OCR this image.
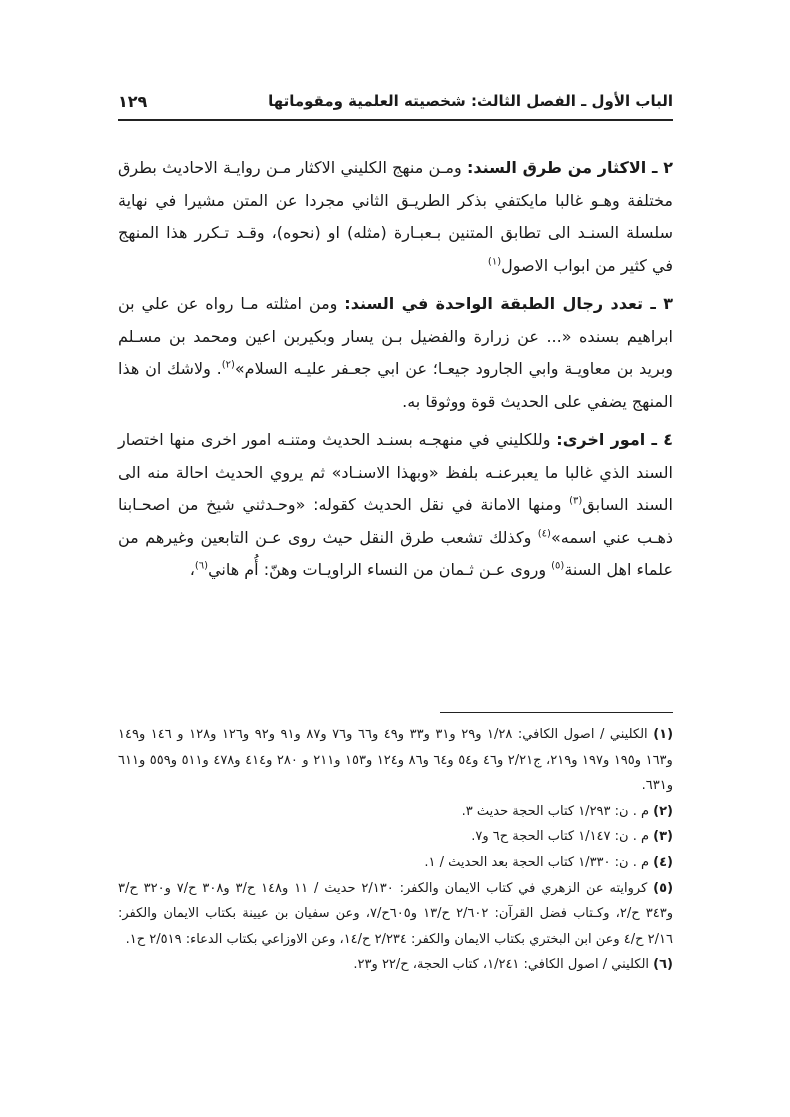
الباب الأول ـ الفصل الثالث: شخصيته العلمية ومقوماتها
١٢٩

٢ ـ الاكثار من طرق السند: ومـن منهج الكليني الاكثار مـن روايـة الاحاديث بطرق مختلفة وهـو غالبا مايكتفي بذكر الطريـق الثاني مجردا عن المتن مشيرا في نهاية سلسلة السنـد الى تطابق المتنين بـعبـارة (مثله) او (نحوه)، وقـد تـكرر هذا المنهج في كثير من ابواب الاصول$^{(١)}$

٣ ـ تعدد رجال الطبقة الواحدة في السند: ومن امثلته مـا رواه عن علي بن ابراهيم بسنده «... عن زرارة والفضيل بـن يسار وبكيربن اعين ومحمد بن مسـلم وبريد بن معاويـة وابي الجارود جيعـا؛ عن ابي جعـفر عليـه السلام»$^{(٢)}$. ولاشك ان هذا المنهج يضفي على الحديث قوة ووثوقا به.

٤ ـ امور اخرى: وللكليني في منهجـه بسنـد الحديث ومتنـه امور اخرى منها اختصار السند الذي غالبا ما يعبرعنـه بلفظ «وبهذا الاسنـاد» ثم يروي الحديث احالة منه الى السند السابق$^{(٣)}$ ومنها الامانة في نقل الحديث كقوله: «وحـدثني شيخ من اصحـابنا ذهـب عني اسمه»$^{(٤)}$ وكذلك تشعب طرق النقل حيث روى عـن التابعين وغيرهم من علماء اهل السنة$^{(٥)}$ وروى عـن ثـمان من النساء الراويـات وهنّ: أُم هاني$^{(٦)}$،

(١) الكليني / اصول الكافي: ١/٢٨ و٢٩ و٣١ و٣٣ و٤٩ و٦٦ و٧٦ و٨٧ و٩١ و٩٢ و١٢٦ و١٢٨ و ١٤٦ و١٤٩ و١٦٣ و١٩٥ و١٩٧ و٢١٩، ج٢/٢١ و٤٦ و٥٤ و٦٤ و٨٦ و١٢٤ و١٥٣ و٢١١ و ٢٨٠ و٤١٤ و٤٧٨ و٥١١ و٥٥٩ و٦١١ و٦٣١.

(٢) م . ن: ١/٢٩٣ كتاب الحجة حديث ٣.

(٣) م . ن: ١/١٤٧ كتاب الحجة ح٦ و٧.

(٤) م . ن: ١/٣٣٠ كتاب الحجة بعد الحديث / ١.

(٥) كروايته عن الزهري في كتاب الايمان والكفر: ٢/١٣٠ حديث / ١١ و١٤٨ ح/٣ و٣٠٨ ح/٧ و٣٢٠ ح/٣ و٣٤٣ ح/٢، وكـتاب فضل القرآن: ٢/٦٠٢ ح/١٣ و٦٠٥ح/٧، وعن سفيان بن عيينة بكتاب الايمان والكفر: ٢/١٦ ح/٤ وعن ابن البختري بكتاب الايمان والكفر: ٢/٢٣٤ ح/١٤، وعن الاوزاعي بكتاب الدعاء: ٢/٥١٩ ح١.

(٦) الكليني / اصول الكافي: ١/٢٤١، كتاب الحجة، ح/٢٢ و٢٣.
